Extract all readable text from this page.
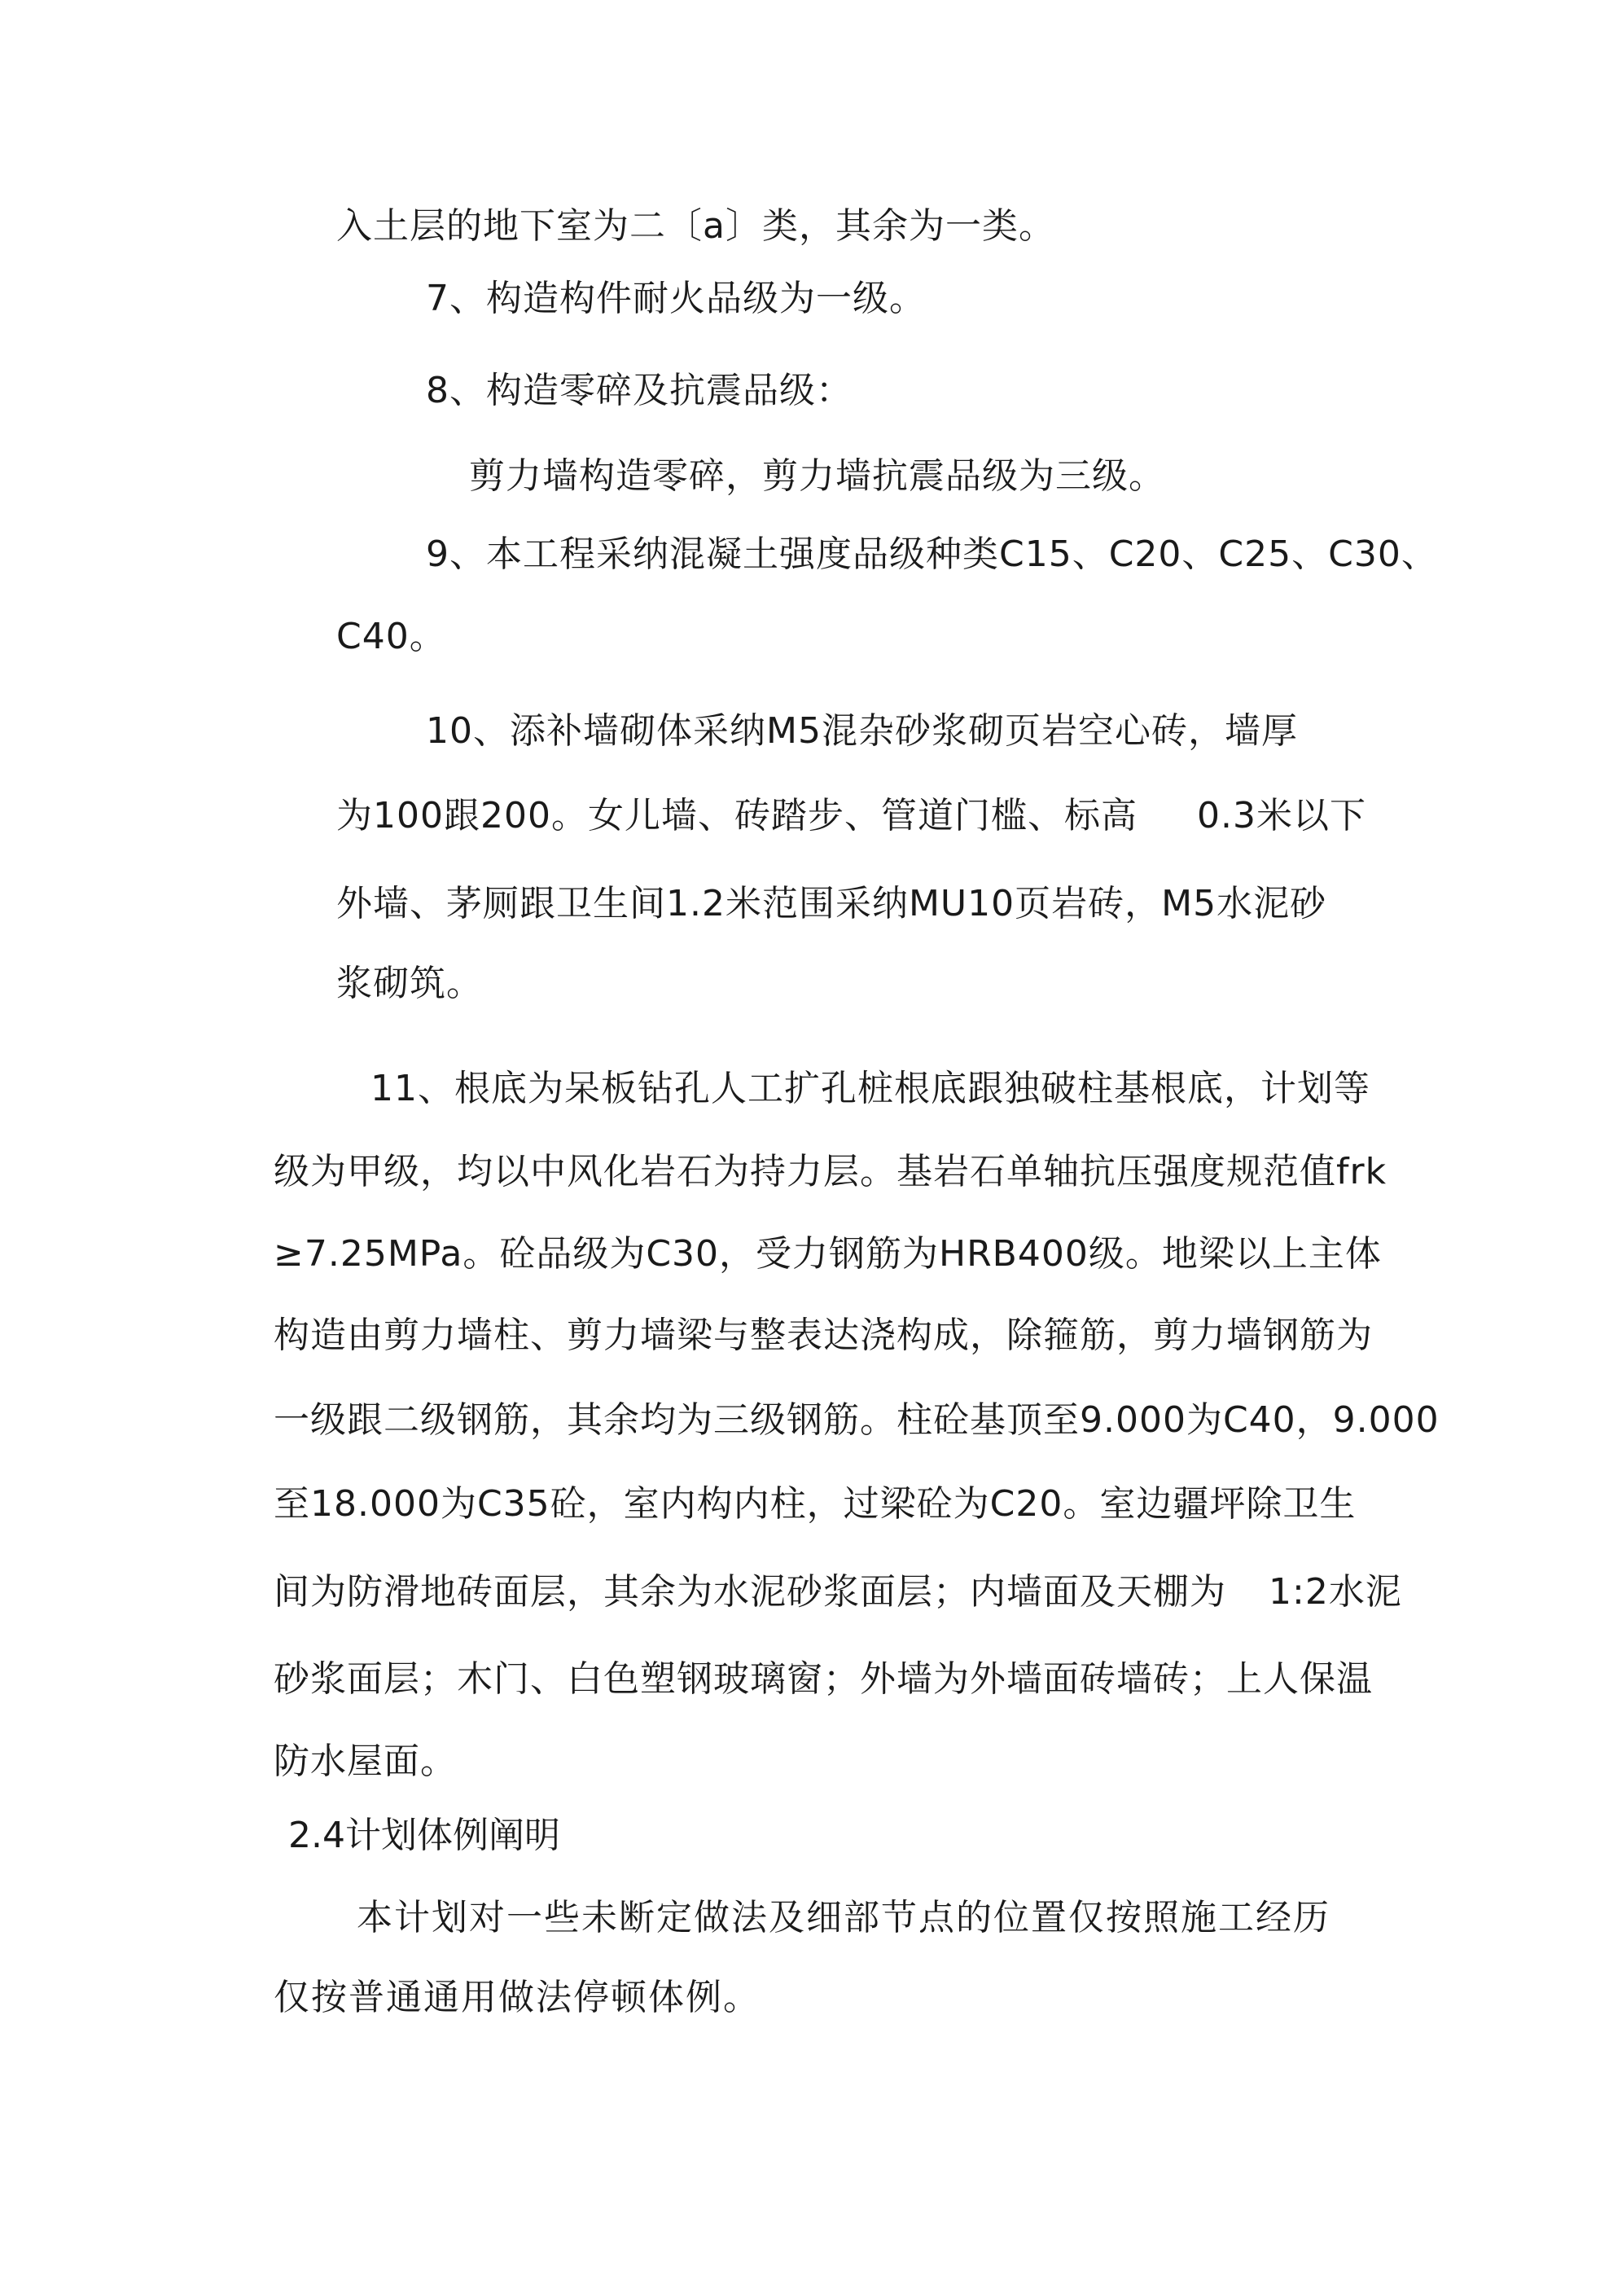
入土层的地下室为二〔a〕类，其余为一类。
7、构造构件耐火品级为一级。
8、构造零碎及抗震品级：
剪力墙构造零碎，剪力墙抗震品级为三级。
9、本工程采纳混凝土强度品级种类C15、C20、C25、C30、
C40。
10、添补墙砌体采纳M5混杂砂浆砌页岩空心砖，墙厚
为100跟200。女儿墙、砖踏步、管道门槛、标高 0.3米以下
外墙、茅厕跟卫生间1.2米范围采纳MU10页岩砖，M5水泥砂
浆砌筑。
11、根底为呆板钻孔人工扩孔桩根底跟独破柱基根底，计划等
级为甲级，均以中风化岩石为持力层。基岩石单轴抗压强度规范值frk
≥7.25MPa。砼品级为C30，受力钢筋为HRB400级。地梁以上主体
构造由剪力墙柱、剪力墙梁与整表达浇构成，除箍筋，剪力墙钢筋为
一级跟二级钢筋，其余均为三级钢筋。柱砼基顶至9.000为C40，9.000
至18.000为C35砼，室内构内柱，过梁砼为C20。室边疆坪除卫生
间为防滑地砖面层，其余为水泥砂浆面层；内墙面及天棚为 1:2水泥
砂浆面层；木门、白色塑钢玻璃窗；外墙为外墙面砖墙砖；上人保温
防水屋面。
2.4计划体例阐明
本计划对一些未断定做法及细部节点的位置仅按照施工经历
仅按普通通用做法停顿体例。
